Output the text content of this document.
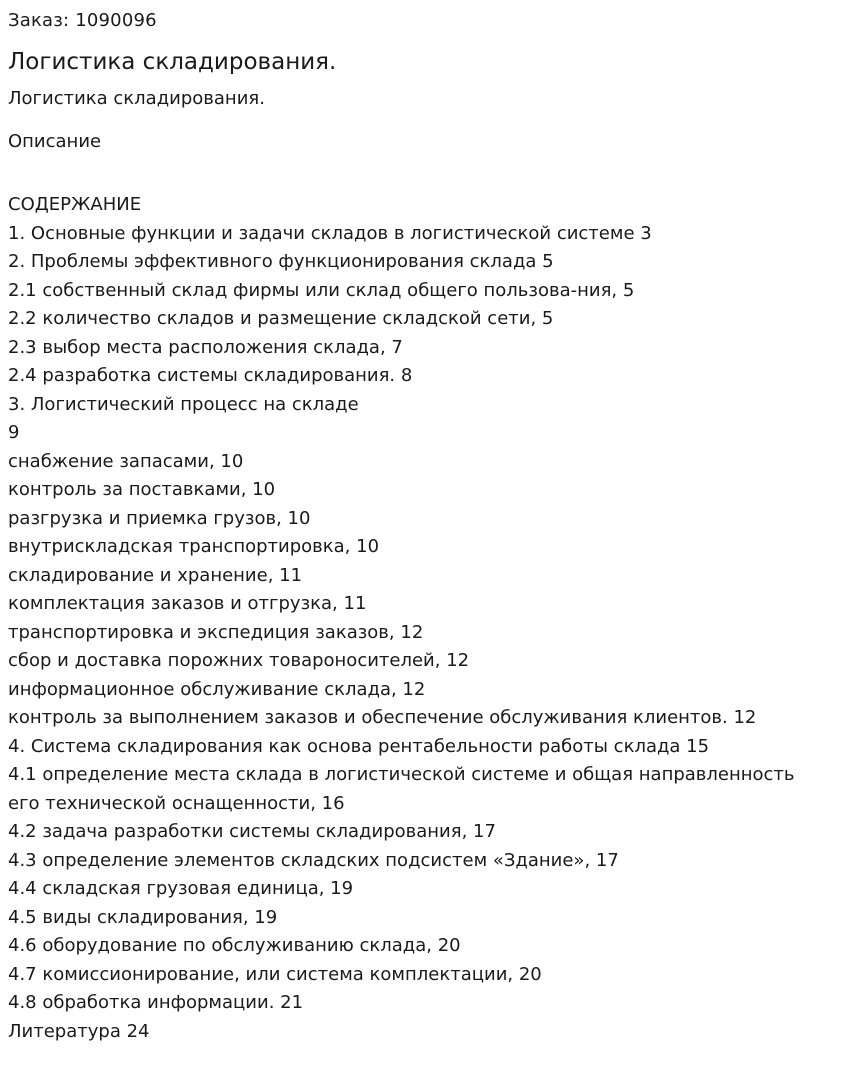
Заказ: 1090096
Логистика складирования.
Логистика складирования.
Описание
СОДЕРЖАНИЕ
1. Основные функции и задачи складов в логистической системе 3
2. Проблемы эффективного функционирования склада 5
2.1 собственный склад фирмы или склад общего пользова-ния, 5
2.2 количество складов и размещение складской сети, 5
2.3 выбор места расположения склада, 7
2.4 разработка системы складирования. 8
3. Логистический процесс на складе
9
снабжение запасами, 10
контроль за поставками, 10
разгрузка и приемка грузов, 10
внутрискладская транспортировка, 10
складирование и хранение, 11
комплектация заказов и отгрузка, 11
транспортировка и экспедиция заказов, 12
сбор и доставка порожних товароносителей, 12
информационное обслуживание склада, 12
контроль за выполнением заказов и обеспечение обслуживания клиентов. 12
4. Система складирования как основа рентабельности работы склада 15
4.1 определение места склада в логистической системе и общая направленность
его технической оснащенности, 16
4.2 задача разработки системы складирования, 17
4.3 определение элементов складских подсистем «Здание», 17
4.4 складская грузовая единица, 19
4.5 виды складирования, 19
4.6 оборудование по обслуживанию склада, 20
4.7 комиссионирование, или система комплектации, 20
4.8 обработка информации. 21
Литература 24
